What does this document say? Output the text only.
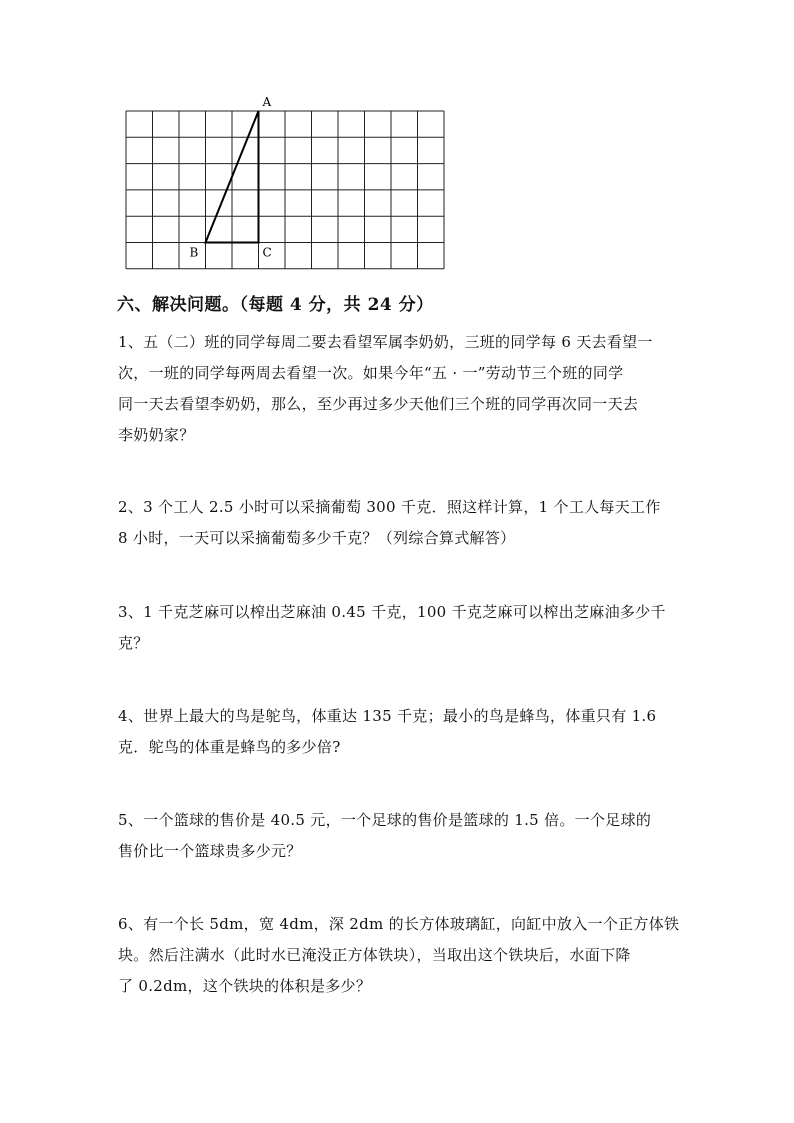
A
B	C
六、解决问题。（每题 4 分，共 24 分）

1、五（二）班的同学每周二要去看望军属李奶奶，三班的同学每 6 天去看望一

次，一班的同学每两周去看望一次。如果今年“五 · 一”劳动节三个班的同学

同一天去看望李奶奶，那么，至少再过多少天他们三个班的同学再次同一天去

李奶奶家？

2、3 个工人 2.5 小时可以采摘葡萄 300 千克．照这样计算，1 个工人每天工作

8 小时，一天可以采摘葡萄多少千克？（列综合算式解答）

3、1 千克芝麻可以榨出芝麻油 0.45 千克，100 千克芝麻可以榨出芝麻油多少千

克？

4、世界上最大的鸟是鸵鸟，体重达 135 千克；最小的鸟是蜂鸟，体重只有 1.6

克．鸵鸟的体重是蜂鸟的多少倍?

5、一个篮球的售价是 40.5 元，一个足球的售价是篮球的 1.5 倍。一个足球的

售价比一个篮球贵多少元？

6、有一个长 5dm，宽 4dm，深 2dm 的长方体玻璃缸，向缸中放入一个正方体铁

块。然后注满水（此时水已淹没正方体铁块），当取出这个铁块后，水面下降

了 0.2dm，这个铁块的体积是多少？
